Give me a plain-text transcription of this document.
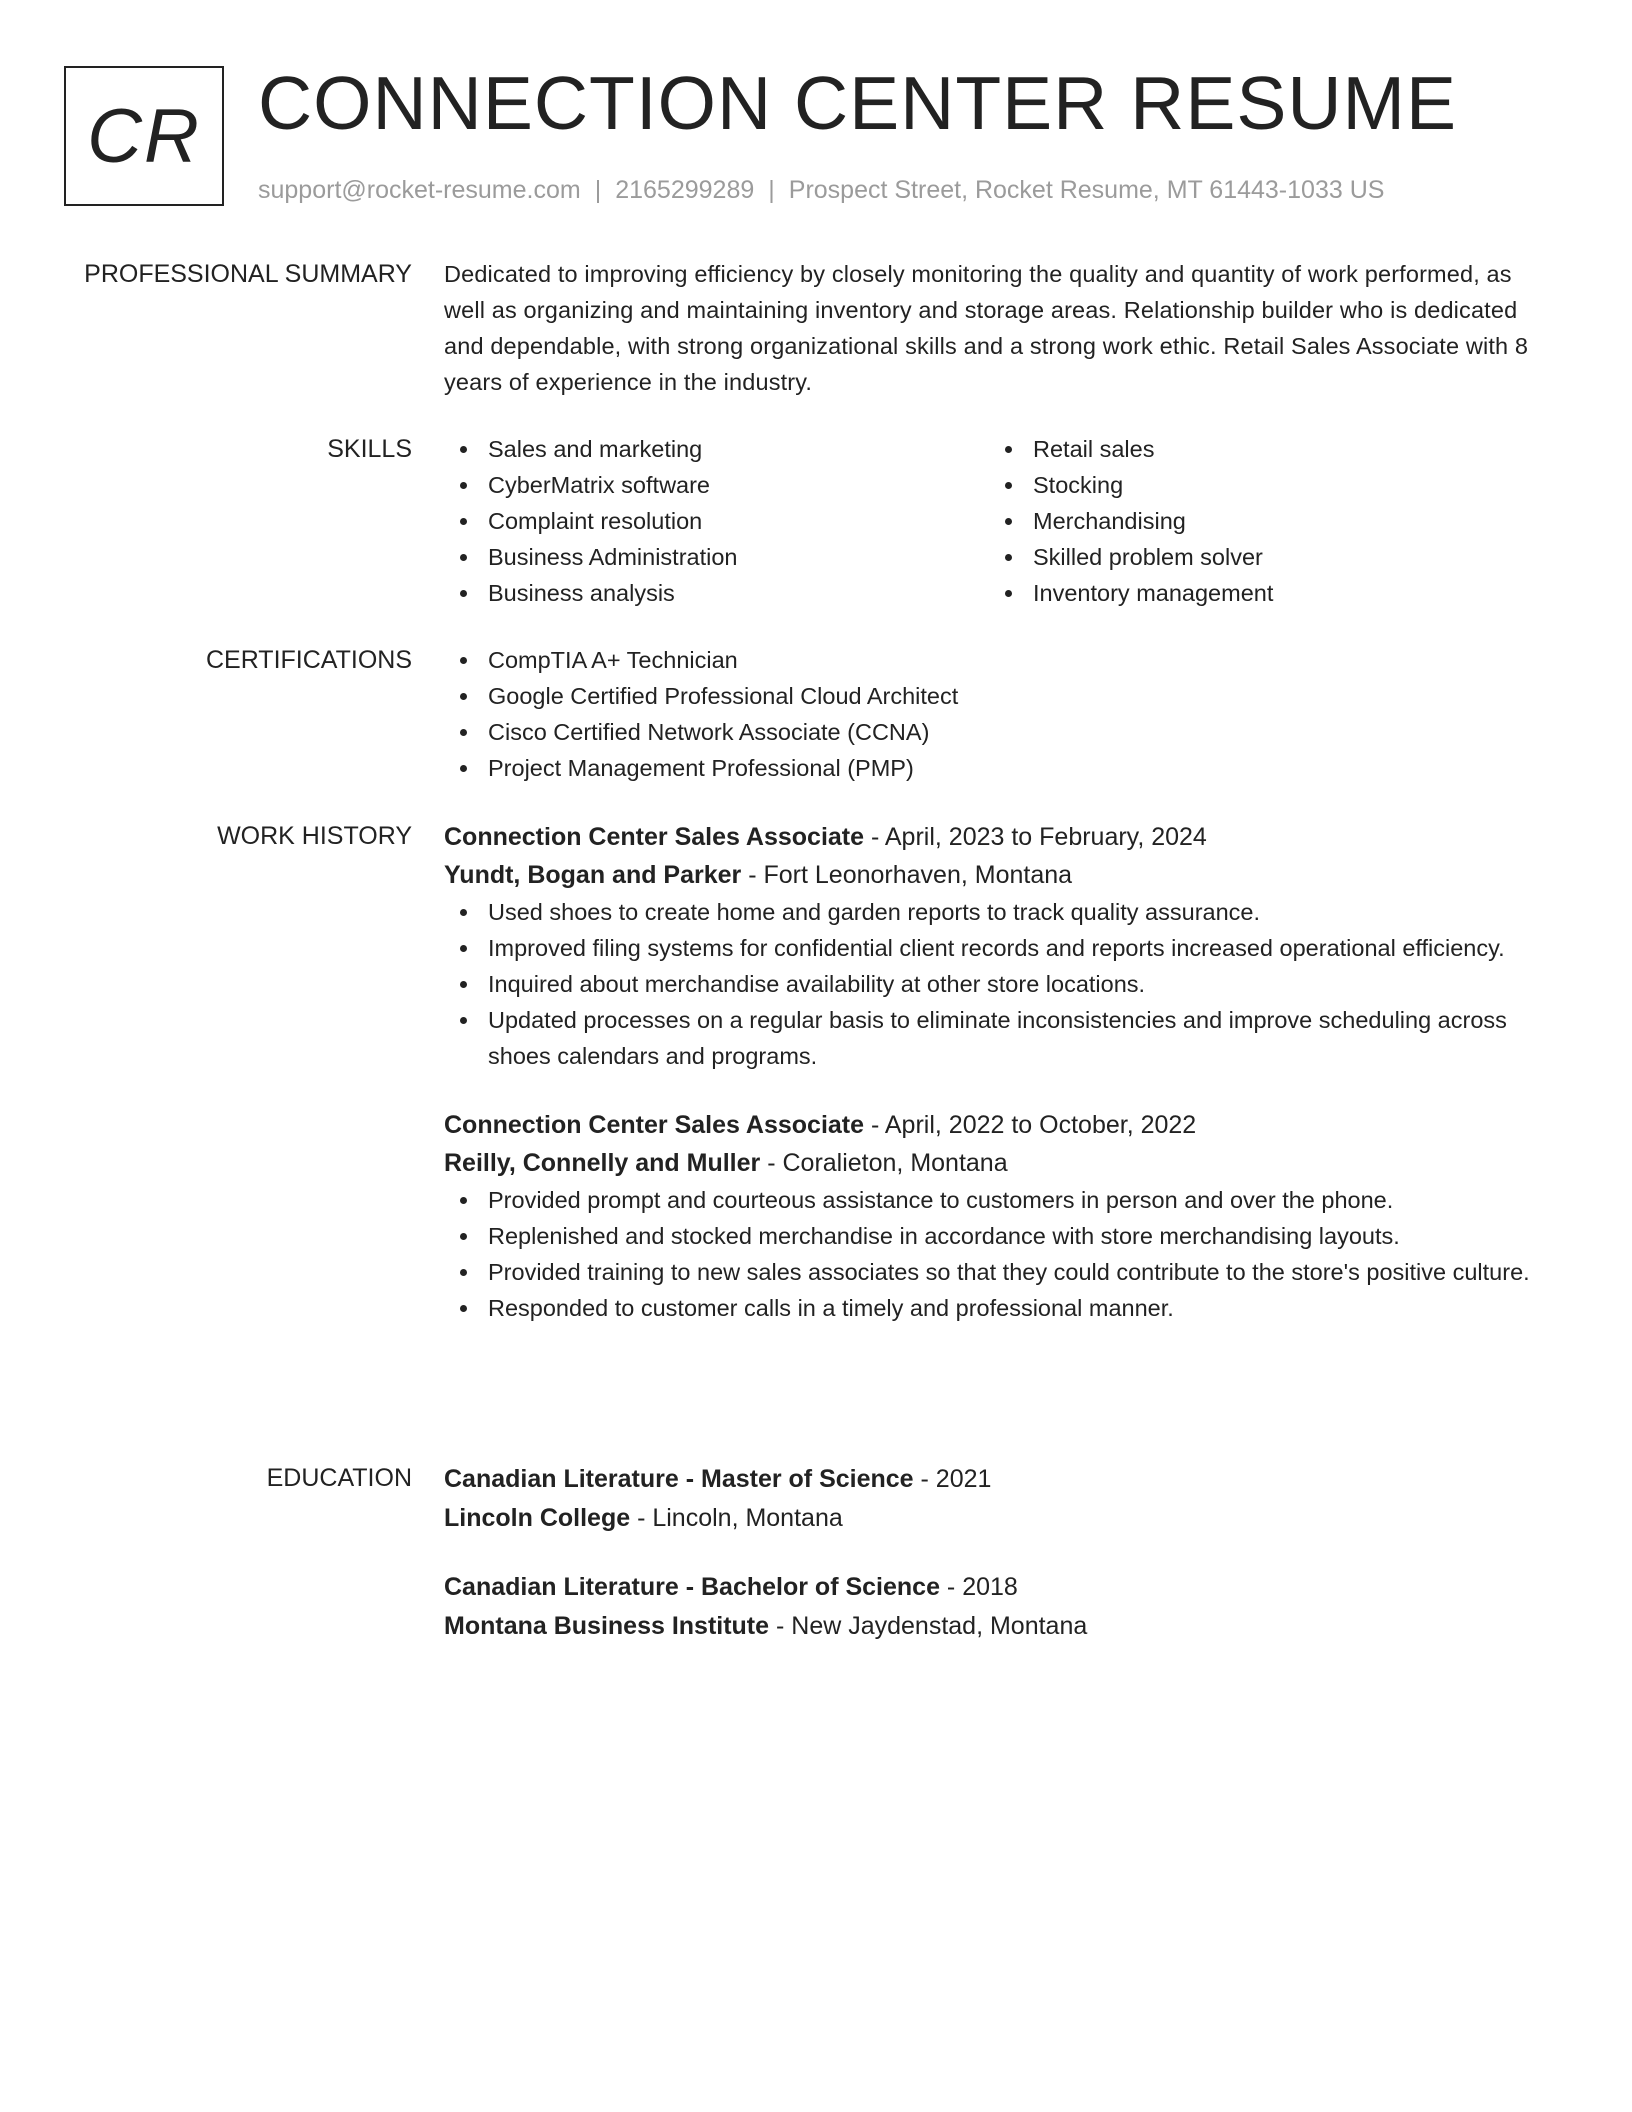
CR CONNECTION CENTER RESUME
support@rocket-resume.com | 2165299289 | Prospect Street, Rocket Resume, MT 61443-1033 US
PROFESSIONAL SUMMARY Dedicated to improving efficiency by closely monitoring the quality and quantity of work performed, as well as organizing and maintaining inventory and storage areas. Relationship builder who is dedicated and dependable, with strong organizational skills and a strong work ethic. Retail Sales Associate with 8 years of experience in the industry.

SKILLS	Sales and marketing
CyberMatrix software
Complaint resolution
Business Administration
Business analysis
Retail sales
Stocking
Merchandising
Skilled problem solver
Inventory management
CERTIFICATIONS	CompTIA A+ Technician
Google Certified Professional Cloud Architect
Cisco Certified Network Associate (CCNA)
Project Management Professional (PMP)
WORK HISTORY Connection Center Sales Associate - April, 2023 to February, 2024
Yundt, Bogan and Parker - Fort Leonorhaven, Montana
Used shoes to create home and garden reports to track quality assurance.
Improved filing systems for confidential client records and reports increased operational efficiency.
Inquired about merchandise availability at other store locations.
Updated processes on a regular basis to eliminate inconsistencies and improve scheduling across shoes calendars and programs.
Connection Center Sales Associate - April, 2022 to October, 2022
Reilly, Connelly and Muller - Coralieton, Montana
Provided prompt and courteous assistance to customers in person and over the phone.
Replenished and stocked merchandise in accordance with store merchandising layouts.
Provided training to new sales associates so that they could contribute to the store's positive culture.
Responded to customer calls in a timely and professional manner.
EDUCATION Canadian Literature - Master of Science - 2021
Lincoln College - Lincoln, Montana
Canadian Literature - Bachelor of Science - 2018
Montana Business Institute - New Jaydenstad, Montana
